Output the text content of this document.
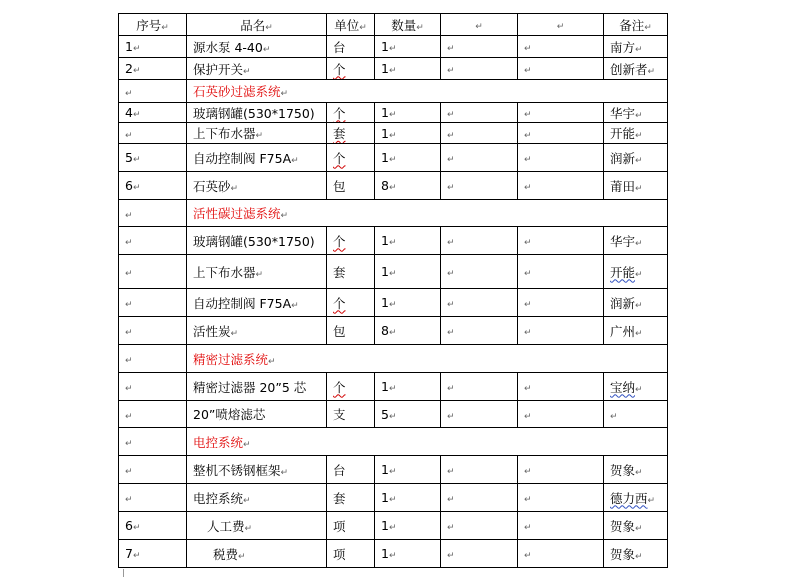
序号↵	品名↵	单位↵	数量↵	↵	↵	备注↵
1↵	源水泵 4-40↵	台	1↵	↵	↵	南方↵
2↵	保护开关↵	个	1↵	↵	↵	创新者↵
↵	石英砂过滤系统↵					
4↵	玻璃钢罐(530*1750)	个	1↵	↵	↵	华宇↵
↵	上下布水器↵	套	1↵	↵	↵	开能↵
5↵	自动控制阀 F75A↵	个	1↵	↵	↵	润新↵
6↵	石英砂↵	包	8↵	↵	↵	莆田↵
↵	活性碳过滤系统↵					
↵	玻璃钢罐(530*1750)	个	1↵	↵	↵	华宇↵
↵	上下布水器↵	套	1↵	↵	↵	开能↵
↵	自动控制阀 F75A↵	个	1↵	↵	↵	润新↵
↵	活性炭↵	包	8↵	↵	↵	广州↵
↵	精密过滤系统↵					
↵	精密过滤器 20”5 芯	个	1↵	↵	↵	宝纳↵
↵	20”喷熔滤芯	支	5↵	↵	↵	↵
↵	电控系统↵					
↵	整机不锈钢框架↵	台	1↵	↵	↵	贺象↵
↵	电控系统↵	套	1↵	↵	↵	德力西↵
6↵	人工费↵	项	1↵	↵	↵	贺象↵
7↵	税费↵	项	1↵	↵	↵	贺象↵
|
